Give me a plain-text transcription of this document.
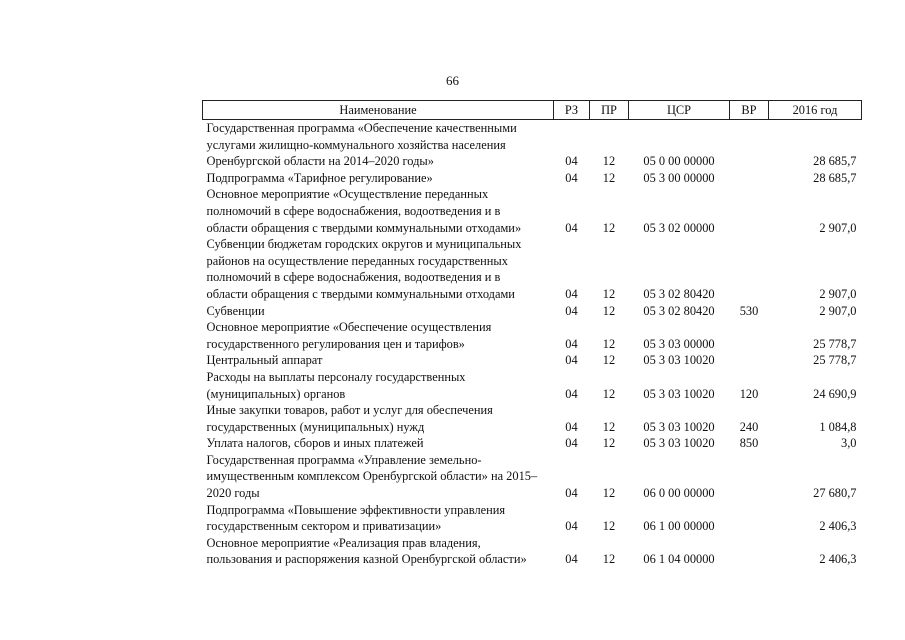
66
Наименование	РЗ	ПР	ЦСР	ВР	2016 год

Государственная программа «Обеспечение качественными
услугами жилищно-коммунального хозяйства населения
Оренбургской области на 2014–2020 годы»	04	12	05 0 00 00000		28 685,7

Подпрограмма «Тарифное регулирование»	04	12	05 3 00 00000		28 685,7

Основное мероприятие «Осуществление переданных
полномочий в сфере водоснабжения, водоотведения и в
области обращения с твердыми коммунальными отходами»	04	12	05 3 02 00000		2 907,0

Субвенции бюджетам городских округов и муниципальных
районов на осуществление переданных государственных
полномочий в сфере водоснабжения, водоотведения и в
области обращения с твердыми коммунальными отходами	04	12	05 3 02 80420		2 907,0

Субвенции	04	12	05 3 02 80420	530	2 907,0

Основное мероприятие «Обеспечение осуществления
государственного регулирования цен и тарифов»	04	12	05 3 03 00000		25 778,7

Центральный аппарат	04	12	05 3 03 10020		25 778,7

Расходы на выплаты персоналу государственных
(муниципальных) органов	04	12	05 3 03 10020	120	24 690,9

Иные закупки товаров, работ и услуг для обеспечения
государственных (муниципальных) нужд	04	12	05 3 03 10020	240	1 084,8

Уплата налогов, сборов и иных платежей	04	12	05 3 03 10020	850	3,0

Государственная программа «Управление земельно-
имущественным комплексом Оренбургской области» на 2015–
2020 годы	04	12	06 0 00 00000		27 680,7

Подпрограмма «Повышение эффективности управления
государственным сектором и приватизации»	04	12	06 1 00 00000		2 406,3

Основное мероприятие «Реализация прав владения,
пользования и распоряжения казной Оренбургской области»	04	12	06 1 04 00000		2 406,3
